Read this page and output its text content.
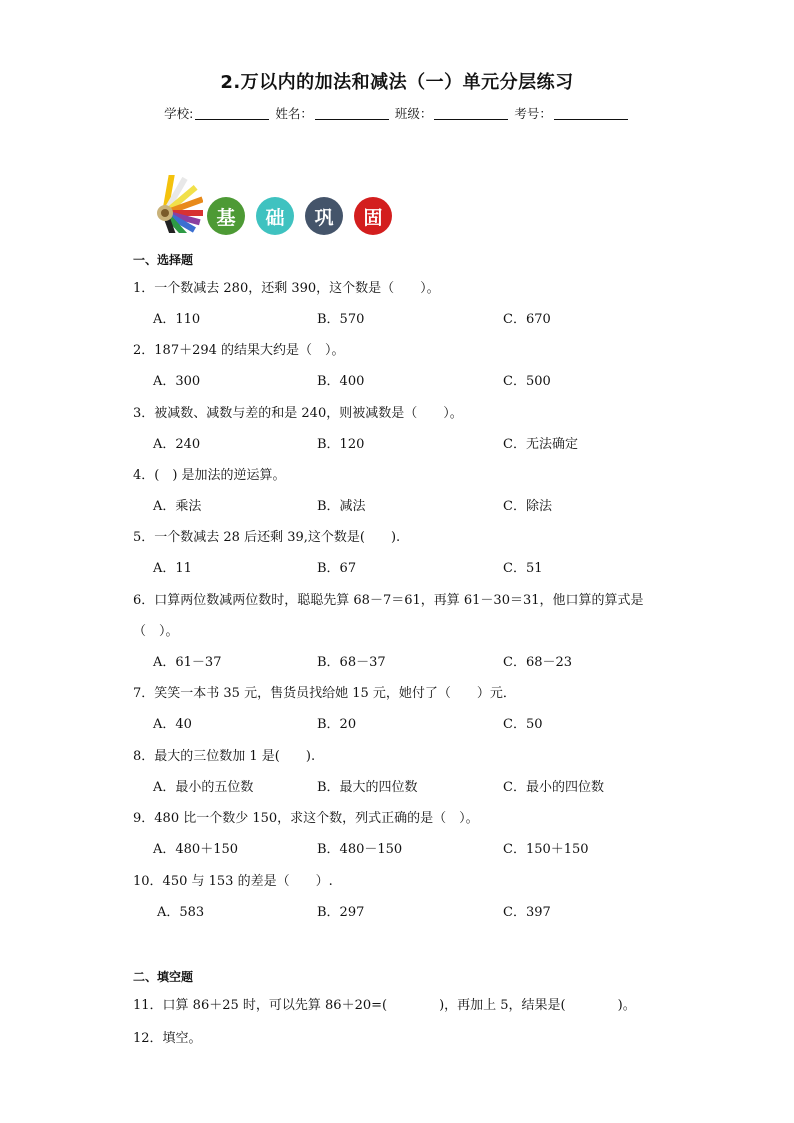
2.万以内的加法和减法（一）单元分层练习
学校:	姓名：	班级：	考号：
基	础	巩	固
一、选择题
1．一个数减去 280，还剩 390，这个数是（　　）。
A．110	B．570	C．670
2．187＋294 的结果大约是（　）。
A．300	B．400	C．500
3．被减数、减数与差的和是 240，则被减数是（　　）。
A．240	B．120	C．无法确定
4．(　) 是加法的逆运算。
A．乘法	B．减法	C．除法
5．一个数减去 28 后还剩 39,这个数是(　　).
A．11	B．67	C．51
6．口算两位数减两位数时，聪聪先算 68－7＝61，再算 61－30＝31，他口算的算式是
（　）。
A．61－37	B．68－37	C．68－23
7．笑笑一本书 35 元，售货员找给她 15 元，她付了（　　）元．
A．40	B．20	C．50
8．最大的三位数加 1 是(　　).
A．最小的五位数	B．最大的四位数	C．最小的四位数
9．480 比一个数少 150，求这个数，列式正确的是（　）。
A．480＋150	B．480－150	C．150＋150
10．450 与 153 的差是（　　）.
A．583	B．297	C．397
二、填空题
11．口算 86＋25 时，可以先算 86＋20=(　　　　)，再加上 5，结果是(　　　　)。
12．填空。
